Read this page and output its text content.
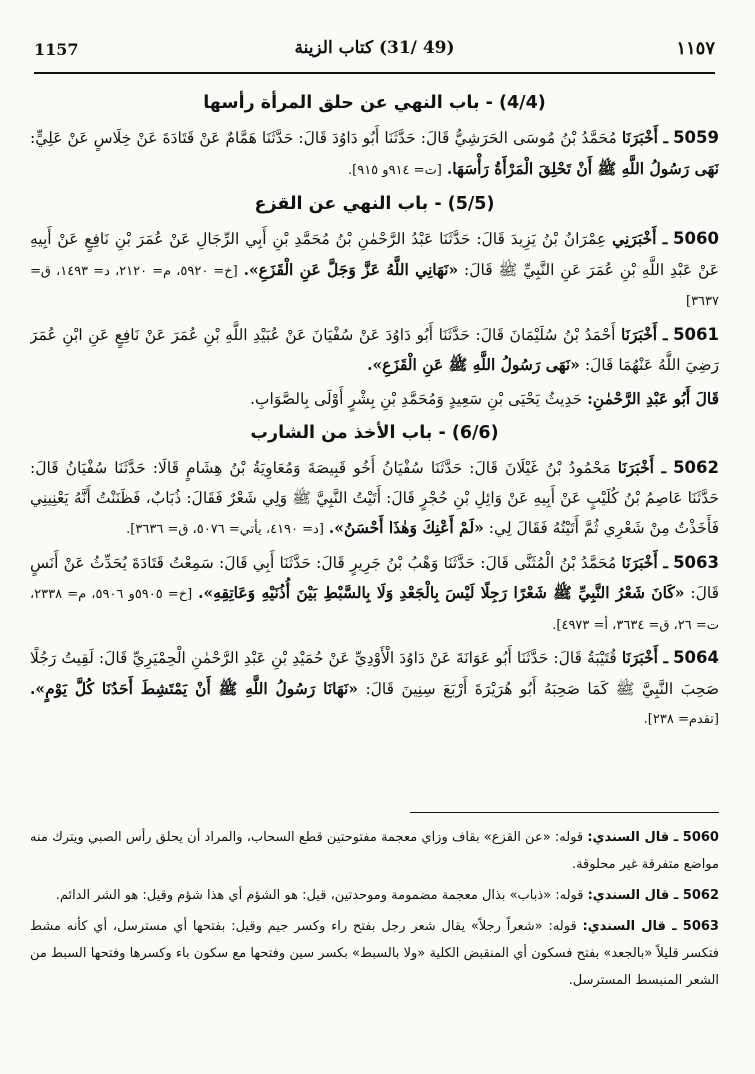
1157	(49 /31) كتاب الزينة	١١٥٧
(4/4) - باب النهي عن حلق المرأة رأسها

5059 ـ أَخْبَرَنَا مُحَمَّدُ بْنُ مُوسَى الحَرَشِيُّ قَالَ: حَدَّثَنَا أَبُو دَاوُدَ قَالَ: حَدَّثَنَا هَمَّامٌ عَنْ قَتَادَةَ عَنْ خِلَاسٍ عَنْ عَلِيٍّ: نَهَى رَسُولُ اللَّهِ ﷺ أَنْ تَحْلِقَ الْمَرْأَةُ رَأْسَهَا. [ت= ٩١٤و ٩١٥].

(5/5) - باب النهي عن القزع

5060 ـ أَخْبَرَنِي عِمْرَانُ بْنُ يَزِيدَ قَالَ: حَدَّثَنَا عَبْدُ الرَّحْمٰنِ بْنُ مُحَمَّدِ بْنِ أَبِي الرِّجَالِ عَنْ عُمَرَ بْنِ نَافِعٍ عَنْ أَبِيهِ عَنْ عَبْدِ اللَّهِ بْنِ عُمَرَ عَنِ النَّبِيِّ ﷺ قَالَ: «نَهَانِي اللَّهُ عَزَّ وَجَلَّ عَنِ الْقَزَعِ». [خ= ٥٩٢٠، م= ٢١٢٠، د= ١٤٩٣، ق= ٣٦٣٧]

5061 ـ أَخْبَرَنَا أَحْمَدُ بْنُ سُلَيْمَانَ قَالَ: حَدَّثَنَا أَبُو دَاوُدَ عَنْ سُفْيَانَ عَنْ عُبَيْدِ اللَّهِ بْنِ عُمَرَ عَنْ نَافِعٍ عَنِ ابْنِ عُمَرَ رَضِيَ اللَّهُ عَنْهُمَا قَالَ: «نَهَى رَسُولُ اللَّهِ ﷺ عَنِ الْقَزَعِ».

قَالَ أَبُو عَبْدِ الرَّحْمٰنِ: حَدِيثُ يَحْيَى بْنِ سَعِيدٍ وَمُحَمَّدِ بْنِ بِشْرٍ أَوْلَى بِالصَّوَابِ.

(6/6) - باب الأخذ من الشارب

5062 ـ أَخْبَرَنَا مَحْمُودُ بْنُ غَيْلَانَ قَالَ: حَدَّثَنَا سُفْيَانُ أَخُو قَبِيصَةَ وَمُعَاوِيَةُ بْنُ هِشَامٍ قَالَا: حَدَّثَنَا سُفْيَانُ قَالَ: حَدَّثَنَا عَاصِمُ بْنُ كُلَيْبٍ عَنْ أَبِيهِ عَنْ وَائِلِ بْنِ حُجْرٍ قَالَ: أَتَيْتُ النَّبِيَّ ﷺ وَلِي شَعْرٌ فَقَالَ: ذُبَابٌ، فَظَنَنْتُ أَنَّهُ يَعْنِينِي فَأَخَذْتُ مِنْ شَعْرِي ثُمَّ أَتَيْتُهُ فَقَالَ لِي: «لَمْ أَعْنِكَ وَهٰذَا أَحْسَنُ». [د= ٤١٩٠، يأتي= ٥٠٧٦، ق= ٣٦٣٦].

5063 ـ أَخْبَرَنَا مُحَمَّدُ بْنُ الْمُثَنَّى قَالَ: حَدَّثَنَا وَهْبُ بْنُ جَرِيرٍ قَالَ: حَدَّثَنَا أَبِي قَالَ: سَمِعْتُ قَتَادَةَ يُحَدِّثُ عَنْ أَنَسٍ قَالَ: «كَانَ شَعْرُ النَّبِيِّ ﷺ شَعْرًا رَجِلًا لَيْسَ بِالْجَعْدِ وَلَا بِالسَّبْطِ بَيْنَ أُذُنَيْهِ وَعَاتِقِهِ». [خ= ٥٩٠٥و ٥٩٠٦، م= ٢٣٣٨، ت= ٢٦، ق= ٣٦٣٤، أ= ٤٩٧٣].

5064 ـ أَخْبَرَنَا قُتَيْبَةُ قَالَ: حَدَّثَنَا أَبُو عَوَانَةَ عَنْ دَاوُدَ الْأَوْدِيِّ عَنْ حُمَيْدِ بْنِ عَبْدِ الرَّحْمٰنِ الْحِمْيَرِيِّ قَالَ: لَقِيتُ رَجُلًا صَحِبَ النَّبِيَّ ﷺ كَمَا صَحِبَهُ أَبُو هُرَيْرَةَ أَرْبَعَ سِنِينَ قَالَ: «نَهَانَا رَسُولُ اللَّهِ ﷺ أَنْ يَمْتَشِطَ أَحَدُنَا كُلَّ يَوْمٍ». [تقدم= ٢٣٨].

5060 ـ قال السندي: قوله: «عن القزع» بقاف وزاي معجمة مفتوحتين قطع السحاب، والمراد أن يحلق رأس الصبي ويترك منه مواضع متفرقة غير محلوقة.

5062 ـ قال السندي: قوله: «ذباب» بذال معجمة مضمومة وموحدتين، قيل: هو الشؤم أي هذا شؤم وقيل: هو الشر الدائم.

5063 ـ قال السندي: قوله: «شعراً رجلاً» يقال شعر رجل بفتح راء وكسر جيم وقيل: بفتحها أي مسترسل، أي كأنه مشط فتكسر قليلاً «بالجعد» بفتح فسكون أي المنقبض الكلية «ولا بالسبط» بكسر سين وفتحها مع سكون باء وكسرها وفتحها السبط من الشعر المنبسط المسترسل.
